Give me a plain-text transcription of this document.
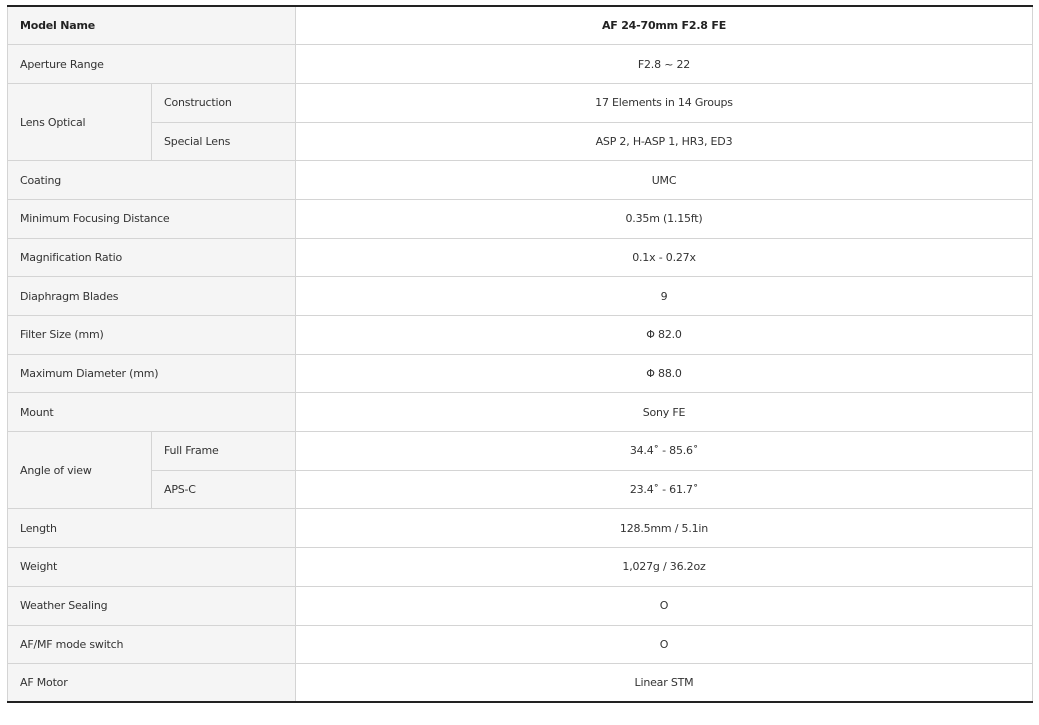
Model Name		AF 24-70mm F2.8 FE
Aperture Range		F2.8 ~ 22
Lens Optical	Construction	17 Elements in 14 Groups
	Special Lens	ASP 2, H-ASP 1, HR3, ED3
Coating		UMC
Minimum Focusing Distance		0.35m (1.15ft)
Magnification Ratio		0.1x - 0.27x
Diaphragm Blades		9
Filter Size (mm)		Φ 82.0
Maximum Diameter (mm)		Φ 88.0
Mount		Sony FE
Angle of view	Full Frame	34.4˚ - 85.6˚
	APS-C	23.4˚ - 61.7˚
Length		128.5mm / 5.1in
Weight		1,027g / 36.2oz
Weather Sealing		O
AF/MF mode switch		O
AF Motor		Linear STM
